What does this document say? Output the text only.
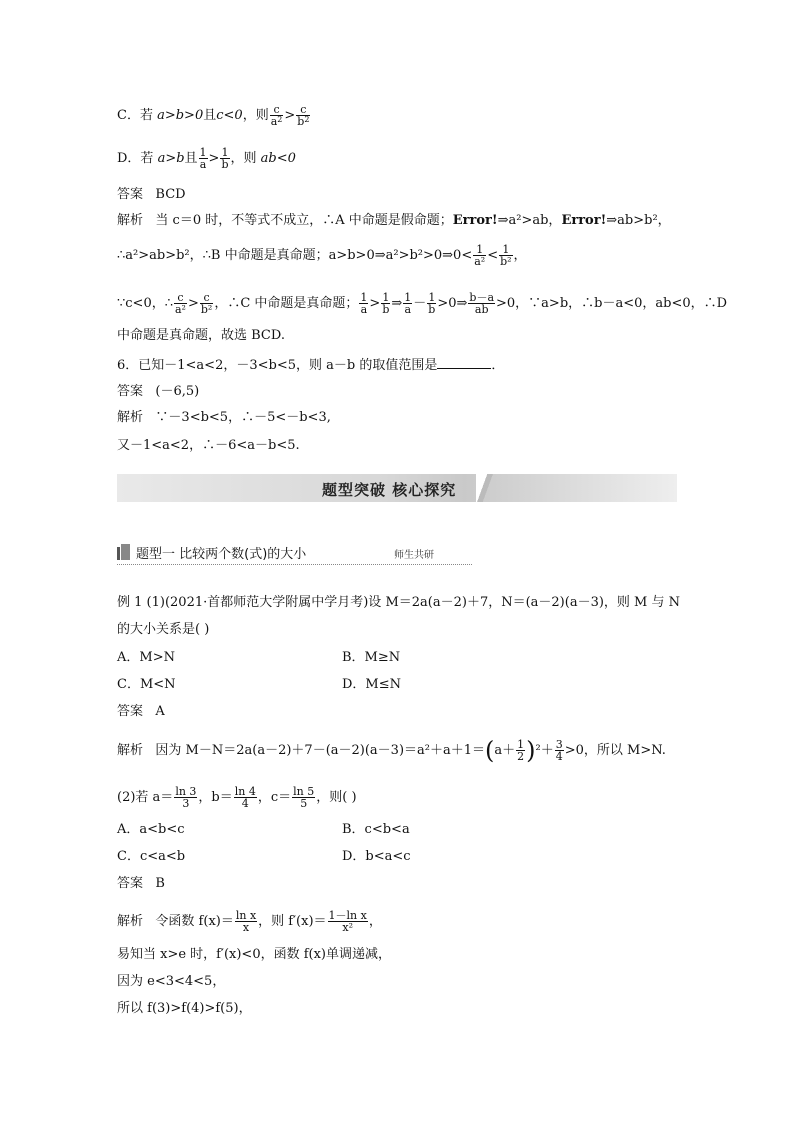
C．若 a>b>0且c<0，则 $\frac{c}{a^2} > \frac{c}{b^2}$
D．若 a>b且 $\frac{1}{a} > \frac{1}{b}$ ，则 ab<0
答案 BCD
解析 当 c＝0 时，不等式不成立，∴A 中命题是假命题；Error!⇒a²>ab，Error!⇒ab>b²，
∴a²>ab>b²，∴B 中命题是真命题；a>b>0⇒a²>b²>0⇒0< $\frac{1}{\text{a²}} < \frac{1}{\text{b²}}$ ，
∵c<0，∴ $\frac{c}{\text{a²}} > \frac{c}{\text{b²}}$ ，∴C 中命题是真命题； $\frac{1}{a} > \frac{1}{b}$ ⇒ $\frac{1}{a} - \frac{1}{b}$ >0⇒ $\frac{b-a}{ab} >0$，∵a>b，∴b－a<0，ab<0，∴D
中命题是真命题，故选 BCD.
6．已知－1<a<2，－3<b<5，则 a－b 的取值范围是	．
答案 (－6,5)
解析 ∵－3<b<5，∴－5<－b<3,
又－1<a<2，∴－6<a－b<5.
题型突破 核心探究
题型一 比较两个数(式)的大小	师生共研
例 1 (1)(2021·首都师范大学附属中学月考)设 M＝2a(a－2)＋7，N＝(a－2)(a－3)，则 M 与 N
的大小关系是( )
A．M>N	B．M≥N
C．M<N	D．M≤N
答案 A
解析 因为 $M-N=2a(a-2)+7-(a-2)(a-3)=a^2+a+1=(a+ \frac{1}{2} )^2+ \frac{3}{4} >0$，所以 M>N.
(2)若 $a= \frac{\ln 3}{3}$ ，$b= \frac{\ln 4}{4}$ ，$c= \frac{\ln 5}{5}$ ，则( )
A．a<b<c	B．c<b<a
C．c<a<b	D．b<a<c
答案 B
解析 令函数 $f(x)= \frac{\text{ln x}}{x}$ ，则 $f'(x)= \frac{\text{1－ln x}}{\text{x²}}$ ，
易知当 x>e 时，f′(x)<0，函数 f(x)单调递减，
因为 e<3<4<5，
所以 f(3)>f(4)>f(5)，
